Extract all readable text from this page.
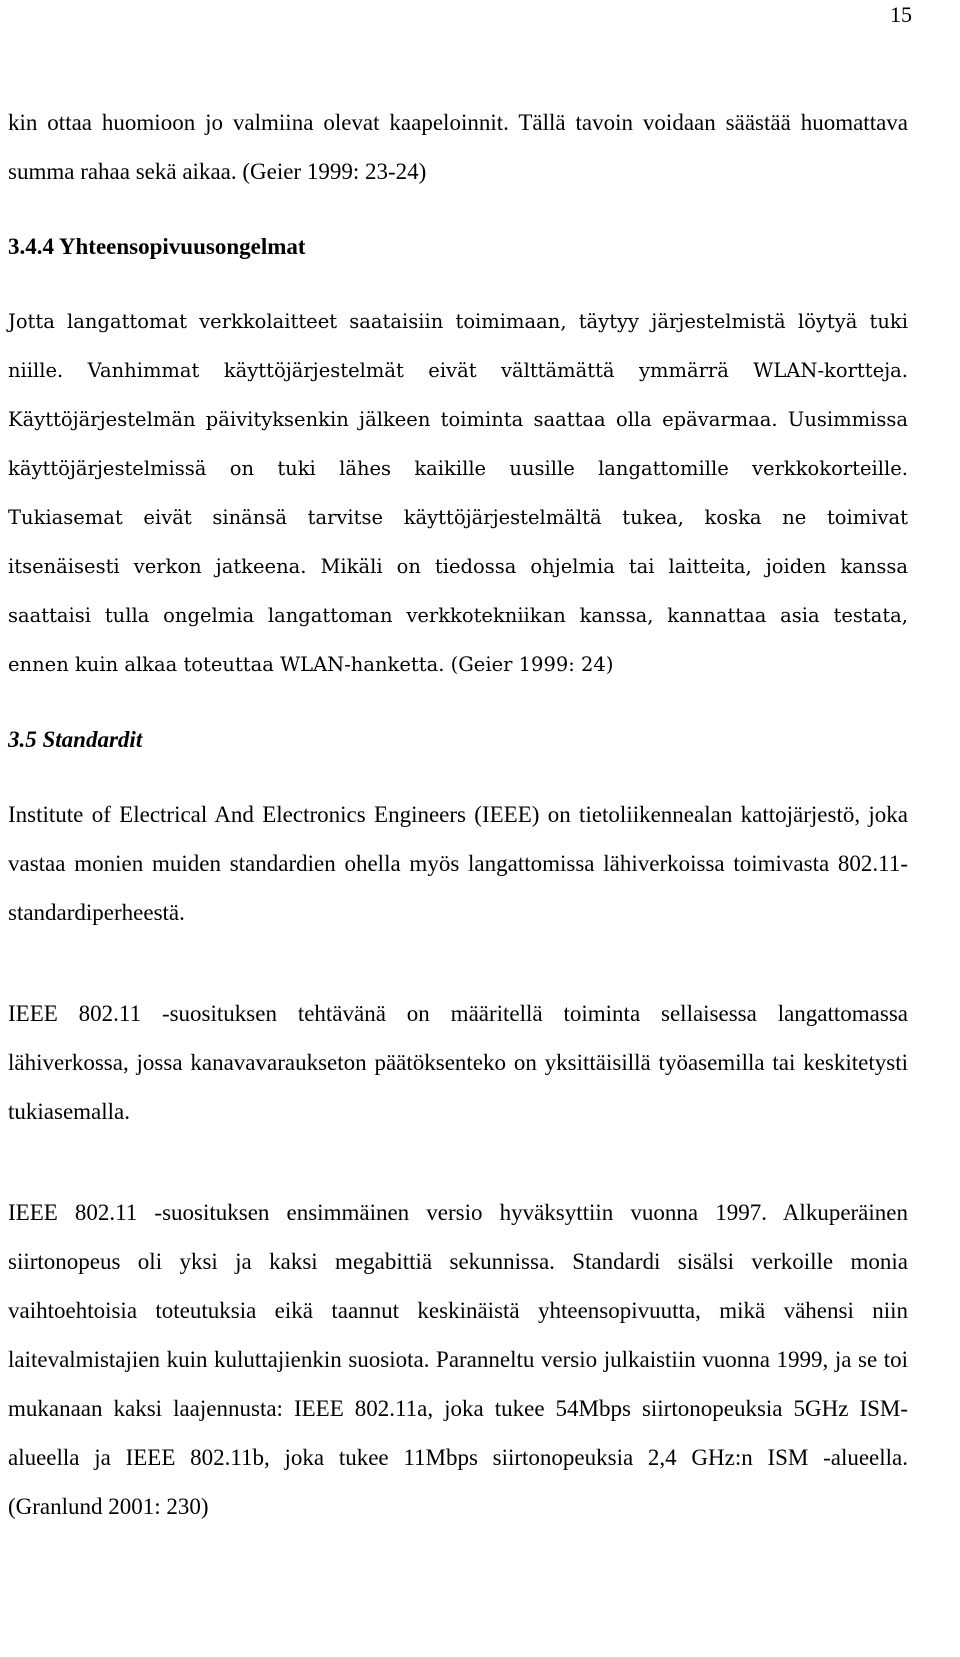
15

kin ottaa huomioon jo valmiina olevat kaapeloinnit. Tällä tavoin voidaan säästää huomattava summa rahaa sekä aikaa. (Geier 1999: 23-24)

3.4.4 Yhteensopivuusongelmat

Jotta langattomat verkkolaitteet saataisiin toimimaan, täytyy järjestelmistä löytyä tuki niille. Vanhimmat käyttöjärjestelmät eivät välttämättä ymmärrä WLAN-kortteja. Käyttöjärjestelmän päivityksenkin jälkeen toiminta saattaa olla epävarmaa. Uusimmissa käyttöjärjestelmissä on tuki lähes kaikille uusille langattomille verkkokorteille. Tukiasemat eivät sinänsä tarvitse käyttöjärjestelmältä tukea, koska ne toimivat itsenäisesti verkon jatkeena. Mikäli on tiedossa ohjelmia tai laitteita, joiden kanssa saattaisi tulla ongelmia langattoman verkkotekniikan kanssa, kannattaa asia testata, ennen kuin alkaa toteuttaa WLAN-hanketta. (Geier 1999: 24)

3.5 Standardit

Institute of Electrical And Electronics Engineers (IEEE) on tietoliikennealan kattojärjestö, joka vastaa monien muiden standardien ohella myös langattomissa lähiverkoissa toimivasta 802.11-standardiperheestä.

IEEE 802.11 -suosituksen tehtävänä on määritellä toiminta sellaisessa langattomassa lähiverkossa, jossa kanavavaraukseton päätöksenteko on yksittäisillä työasemilla tai keskitetysti tukiasemalla.

IEEE 802.11 -suosituksen ensimmäinen versio hyväksyttiin vuonna 1997. Alkuperäinen siirtonopeus oli yksi ja kaksi megabittiä sekunnissa. Standardi sisälsi verkoille monia vaihtoehtoisia toteutuksia eikä taannut keskinäistä yhteensopivuutta, mikä vähensi niin laitevalmistajien kuin kuluttajienkin suosiota. Paranneltu versio julkaistiin vuonna 1999, ja se toi mukanaan kaksi laajennusta: IEEE 802.11a, joka tukee 54Mbps siirtonopeuksia 5GHz ISM-alueella ja IEEE 802.11b, joka tukee 11Mbps siirtonopeuksia 2,4 GHz:n ISM -alueella. (Granlund 2001: 230)
